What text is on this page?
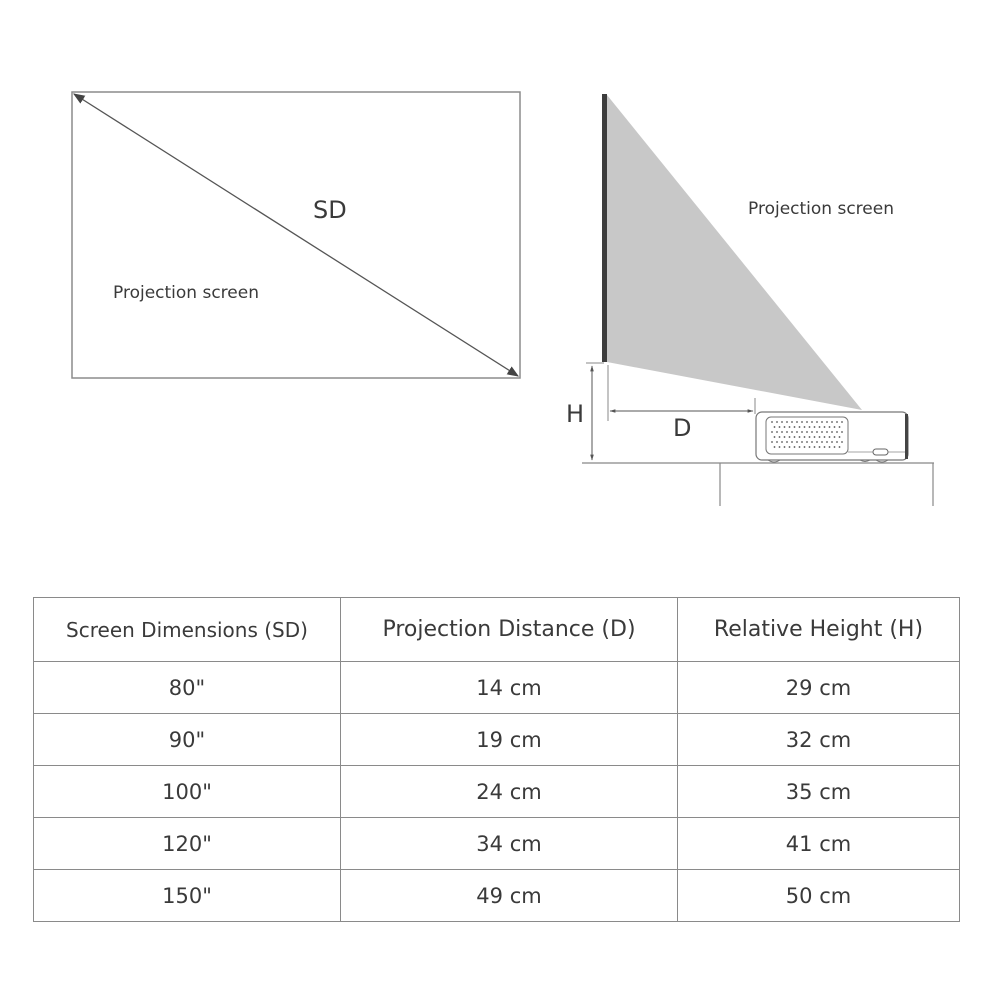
SD
Projection screen
Projection screen
H	D
Screen Dimensions (SD)	Projection Distance (D)	Relative Height (H)
80"	14 cm	29 cm
90"	19 cm	32 cm
100"	24 cm	35 cm
120"	34 cm	41 cm
150"	49 cm	50 cm
